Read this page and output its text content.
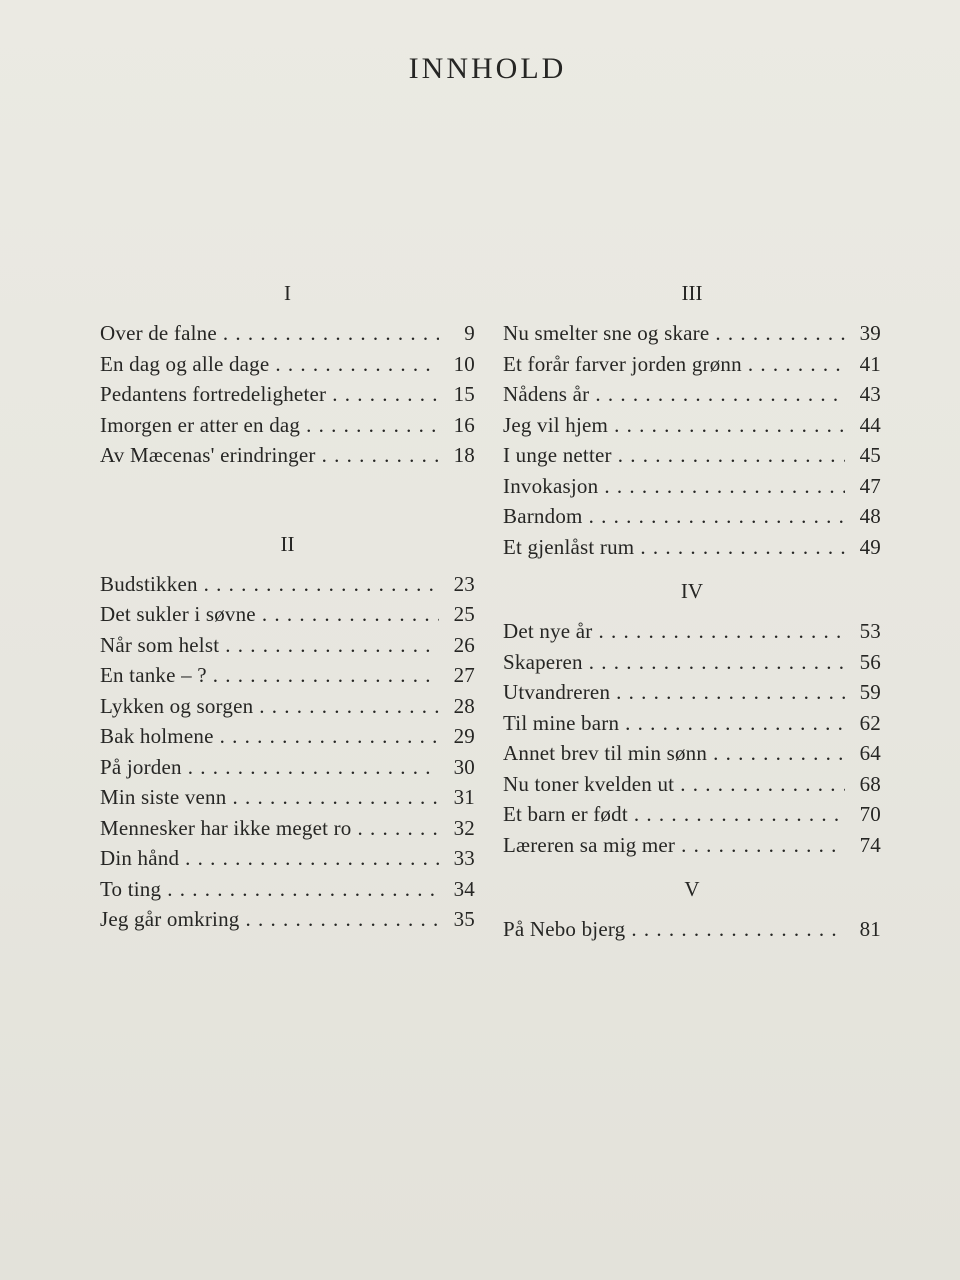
INNHOLD
I
Over de falne . .	9
En dag og alle dage . .	10
Pedantens fortredeligheter . .	15
Imorgen er atter en dag . .	16
Av Mæcenas' erindringer . .	18
II
Budstikken . .	23
Det sukler i søvne . .	25
Når som helst . .	26
En tanke – ? . .	27
Lykken og sorgen . .	28
Bak holmene . .	29
På jorden . .	30
Min siste venn . .	31
Mennesker har ikke meget ro . .	32
Din hånd . .	33
To ting . .	34
Jeg går omkring . .	35
III
Nu smelter sne og skare . .	39
Et forår farver jorden grønn . .	41
Nådens år . .	43
Jeg vil hjem . .	44
I unge netter . .	45
Invokasjon . .	47
Barndom . .	48
Et gjenlåst rum . .	49
IV
Det nye år . .	53
Skaperen . .	56
Utvandreren . .	59
Til mine barn . .	62
Annet brev til min sønn . .	64
Nu toner kvelden ut . .	68
Et barn er født . .	70
Læreren sa mig mer . .	74
V
På Nebo bjerg . .	81
